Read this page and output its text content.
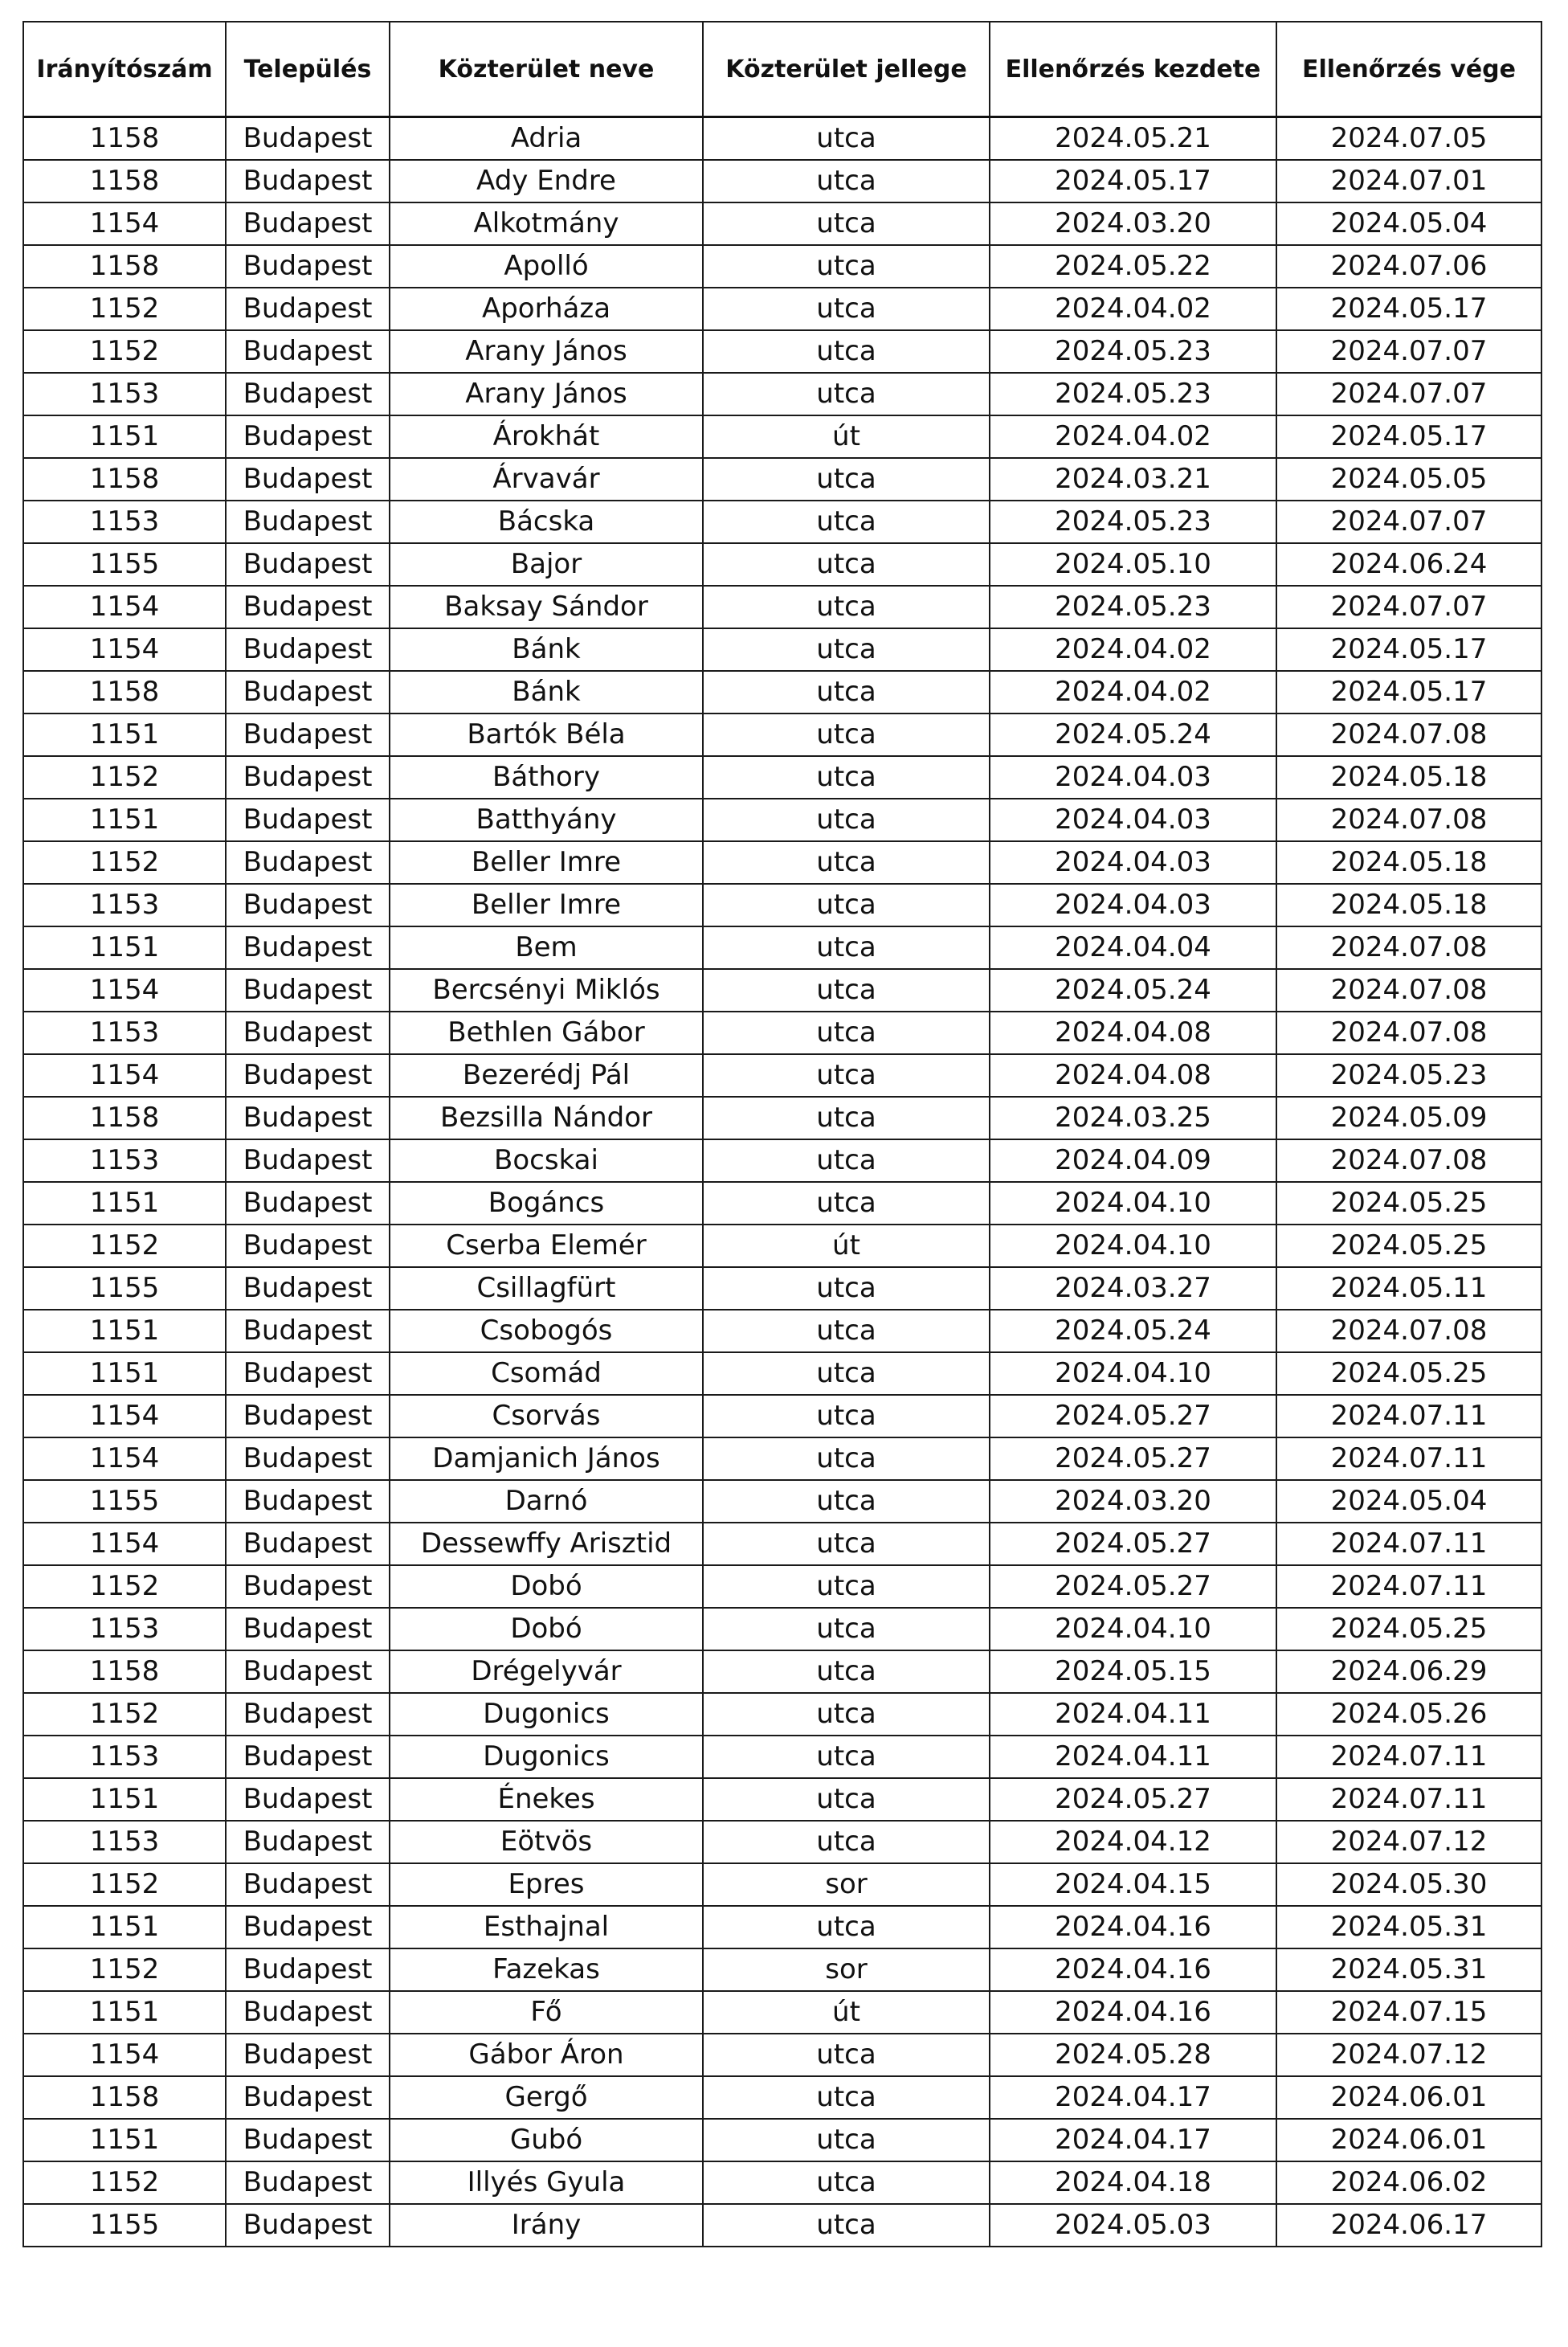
Irányítószám	Település	Közterület neve	Közterület jellege	Ellenőrzés kezdete	Ellenőrzés vége
1158	Budapest	Adria	utca	2024.05.21	2024.07.05
1158	Budapest	Ady Endre	utca	2024.05.17	2024.07.01
1154	Budapest	Alkotmány	utca	2024.03.20	2024.05.04
1158	Budapest	Apolló	utca	2024.05.22	2024.07.06
1152	Budapest	Aporháza	utca	2024.04.02	2024.05.17
1152	Budapest	Arany János	utca	2024.05.23	2024.07.07
1153	Budapest	Arany János	utca	2024.05.23	2024.07.07
1151	Budapest	Árokhát	út	2024.04.02	2024.05.17
1158	Budapest	Árvavár	utca	2024.03.21	2024.05.05
1153	Budapest	Bácska	utca	2024.05.23	2024.07.07
1155	Budapest	Bajor	utca	2024.05.10	2024.06.24
1154	Budapest	Baksay Sándor	utca	2024.05.23	2024.07.07
1154	Budapest	Bánk	utca	2024.04.02	2024.05.17
1158	Budapest	Bánk	utca	2024.04.02	2024.05.17
1151	Budapest	Bartók Béla	utca	2024.05.24	2024.07.08
1152	Budapest	Báthory	utca	2024.04.03	2024.05.18
1151	Budapest	Batthyány	utca	2024.04.03	2024.07.08
1152	Budapest	Beller Imre	utca	2024.04.03	2024.05.18
1153	Budapest	Beller Imre	utca	2024.04.03	2024.05.18
1151	Budapest	Bem	utca	2024.04.04	2024.07.08
1154	Budapest	Bercsényi Miklós	utca	2024.05.24	2024.07.08
1153	Budapest	Bethlen Gábor	utca	2024.04.08	2024.07.08
1154	Budapest	Bezerédj Pál	utca	2024.04.08	2024.05.23
1158	Budapest	Bezsilla Nándor	utca	2024.03.25	2024.05.09
1153	Budapest	Bocskai	utca	2024.04.09	2024.07.08
1151	Budapest	Bogáncs	utca	2024.04.10	2024.05.25
1152	Budapest	Cserba Elemér	út	2024.04.10	2024.05.25
1155	Budapest	Csillagfürt	utca	2024.03.27	2024.05.11
1151	Budapest	Csobogós	utca	2024.05.24	2024.07.08
1151	Budapest	Csomád	utca	2024.04.10	2024.05.25
1154	Budapest	Csorvás	utca	2024.05.27	2024.07.11
1154	Budapest	Damjanich János	utca	2024.05.27	2024.07.11
1155	Budapest	Darnó	utca	2024.03.20	2024.05.04
1154	Budapest	Dessewffy Arisztid	utca	2024.05.27	2024.07.11
1152	Budapest	Dobó	utca	2024.05.27	2024.07.11
1153	Budapest	Dobó	utca	2024.04.10	2024.05.25
1158	Budapest	Drégelyvár	utca	2024.05.15	2024.06.29
1152	Budapest	Dugonics	utca	2024.04.11	2024.05.26
1153	Budapest	Dugonics	utca	2024.04.11	2024.07.11
1151	Budapest	Énekes	utca	2024.05.27	2024.07.11
1153	Budapest	Eötvös	utca	2024.04.12	2024.07.12
1152	Budapest	Epres	sor	2024.04.15	2024.05.30
1151	Budapest	Esthajnal	utca	2024.04.16	2024.05.31
1152	Budapest	Fazekas	sor	2024.04.16	2024.05.31
1151	Budapest	Fő	út	2024.04.16	2024.07.15
1154	Budapest	Gábor Áron	utca	2024.05.28	2024.07.12
1158	Budapest	Gergő	utca	2024.04.17	2024.06.01
1151	Budapest	Gubó	utca	2024.04.17	2024.06.01
1152	Budapest	Illyés Gyula	utca	2024.04.18	2024.06.02
1155	Budapest	Irány	utca	2024.05.03	2024.06.17
